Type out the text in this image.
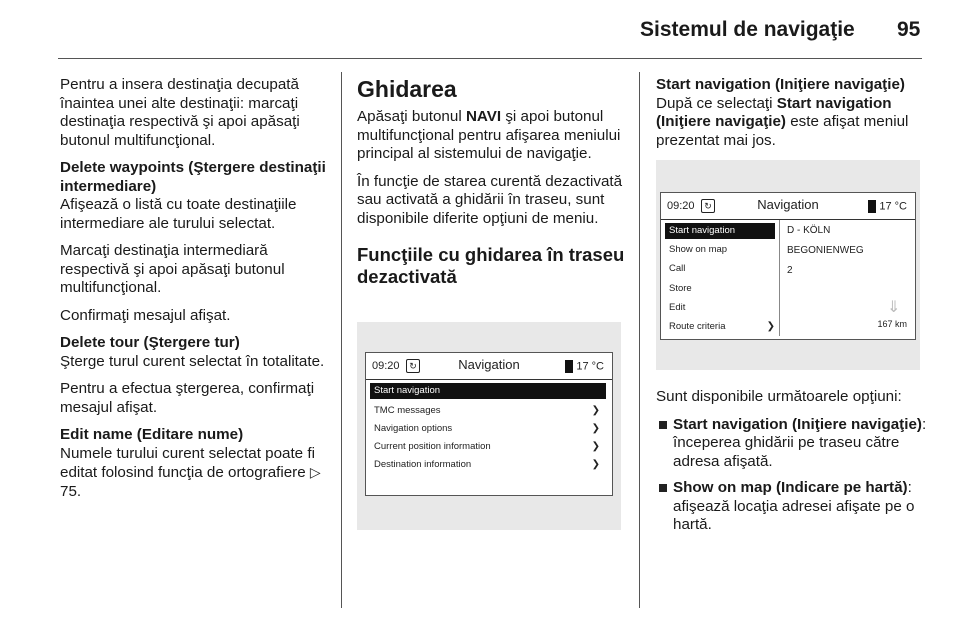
Sistemul de navigaţie 95

Pentru a insera destinaţia decupată înaintea unei alte destinaţii: marcaţi destinaţia respectivă şi apoi apăsaţi butonul multifuncţional.

Delete waypoints (Ştergere destinaţii intermediare)

Afişează o listă cu toate destinaţiile intermediare ale turului selectat.

Marcaţi destinaţia intermediară respectivă şi apoi apăsaţi butonul multifuncţional.

Confirmaţi mesajul afişat.

Delete tour (Ştergere tur)

Şterge turul curent selectat în totalitate.

Pentru a efectua ştergerea, confirmaţi mesajul afişat.

Edit name (Editare nume)

Numele turului curent selectat poate fi editat folosind funcţia de ortografiere ▷ 75.

Ghidarea

Apăsaţi butonul NAVI şi apoi butonul multifuncţional pentru afişarea meniului principal al sistemului de navigaţie.

În funcţie de starea curentă dezactivată sau activată a ghidării în traseu, sunt disponibile diferite opţiuni de meniu.

Funcţiile cu ghidarea în traseu dezactivată
09:20	↻	Navigation	17 °C
Start navigation
TMC messages	❯
Navigation options	❯
Current position information	❯
Destination information	❯

Start navigation (Iniţiere navigaţie)

După ce selectaţi Start navigation (Iniţiere navigaţie) este afişat meniul prezentat mai jos.

09:20	↻	Navigation	17 °C
Start navigation
Show on map
Call
Store
Edit
Route criteria	❯
D - KÖLN
BEGONIENWEG
2
⇓
167 km

Sunt disponibile următoarele opţiuni:

Start navigation (Iniţiere navigaţie): începerea ghidării pe traseu către adresa afişată.
Show on map (Indicare pe hartă): afişează locaţia adresei afişate pe o hartă.
